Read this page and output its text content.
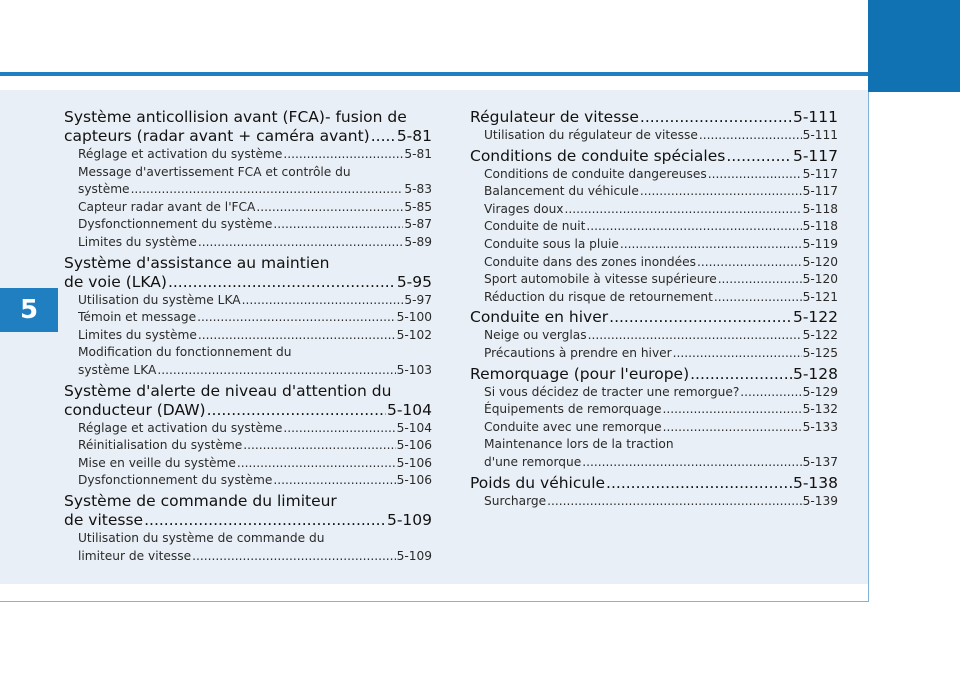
5
Système anticollision avant (FCA)- fusion de
capteurs (radar avant + caméra avant) ..... 5-81
Réglage et activation du système .....	5-81
Message d'avertissement FCA et contrôle du
système .....	5-83
Capteur radar avant de l'FCA .....	5-85
Dysfonctionnement du système .....	5-87
Limites du système .....	5-89
Système d'assistance au maintien
de voie (LKA) .....	5-95
Utilisation du système LKA .....	5-97
Témoin et message .....	5-100
Limites du système .....	5-102
Modification du fonctionnement du
système LKA .....	5-103
Système d'alerte de niveau d'attention du
conducteur (DAW) .....	5-104
Réglage et activation du système .....	5-104
Réinitialisation du système .....	5-106
Mise en veille du système .....	5-106
Dysfonctionnement du système .....	5-106
Système de commande du limiteur
de vitesse .....	5-109
Utilisation du système de commande du
limiteur de vitesse .....	5-109
Régulateur de vitesse .....	5-111
Utilisation du régulateur de vitesse .....	5-111
Conditions de conduite spéciales .....	5-117
Conditions de conduite dangereuses .....	5-117
Balancement du véhicule .....	5-117
Virages doux .....	5-118
Conduite de nuit .....	5-118
Conduite sous la pluie .....	5-119
Conduite dans des zones inondées .....	5-120
Sport automobile à vitesse supérieure .....	5-120
Réduction du risque de retournement .....	5-121
Conduite en hiver .....	5-122
Neige ou verglas .....	5-122
Précautions à prendre en hiver .....	5-125
Remorquage (pour l'europe) .....	5-128
Si vous décidez de tracter une remorgue? .....	5-129
Équipements de remorquage .....	5-132
Conduite avec une remorque .....	5-133
Maintenance lors de la traction
d'une remorque .....	5-137
Poids du véhicule .....	5-138
Surcharge .....	5-139
